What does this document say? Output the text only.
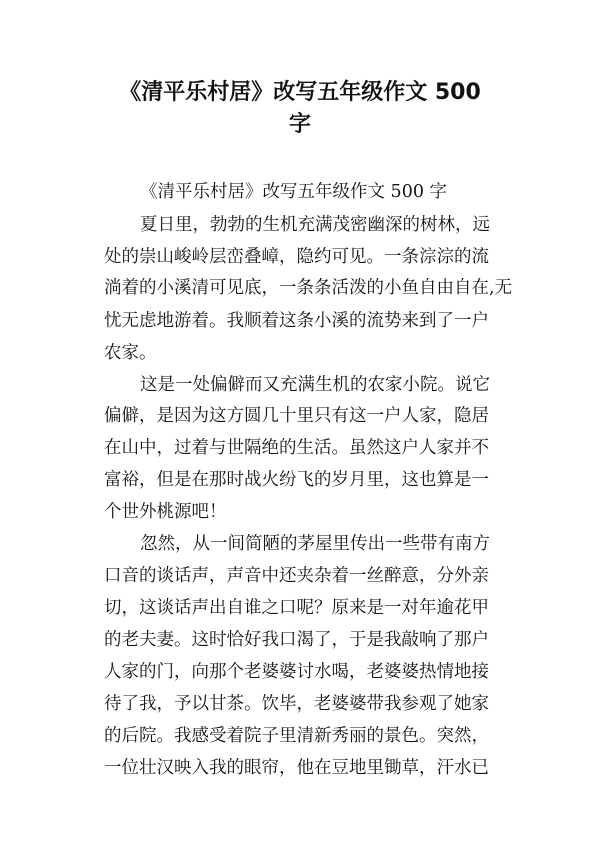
《清平乐村居》改写五年级作文 500
字
《清平乐村居》改写五年级作文 500 字
夏日里，勃勃的生机充满茂密幽深的树林，远
处的崇山峻岭层峦叠嶂，隐约可见。一条淙淙的流
淌着的小溪清可见底，一条条活泼的小鱼自由自在,无
忧无虑地游着。我顺着这条小溪的流势来到了一户
农家。
这是一处偏僻而又充满生机的农家小院。说它
偏僻，是因为这方圆几十里只有这一户人家，隐居
在山中，过着与世隔绝的生活。虽然这户人家并不
富裕，但是在那时战火纷飞的岁月里，这也算是一
个世外桃源吧！
忽然，从一间简陋的茅屋里传出一些带有南方
口音的谈话声，声音中还夹杂着一丝醉意，分外亲
切，这谈话声出自谁之口呢？原来是一对年逾花甲
的老夫妻。这时恰好我口渴了，于是我敲响了那户
人家的门，向那个老婆婆讨水喝，老婆婆热情地接
待了我，予以甘茶。饮毕，老婆婆带我参观了她家
的后院。我感受着院子里清新秀丽的景色。突然，
一位壮汉映入我的眼帘，他在豆地里锄草，汗水已
